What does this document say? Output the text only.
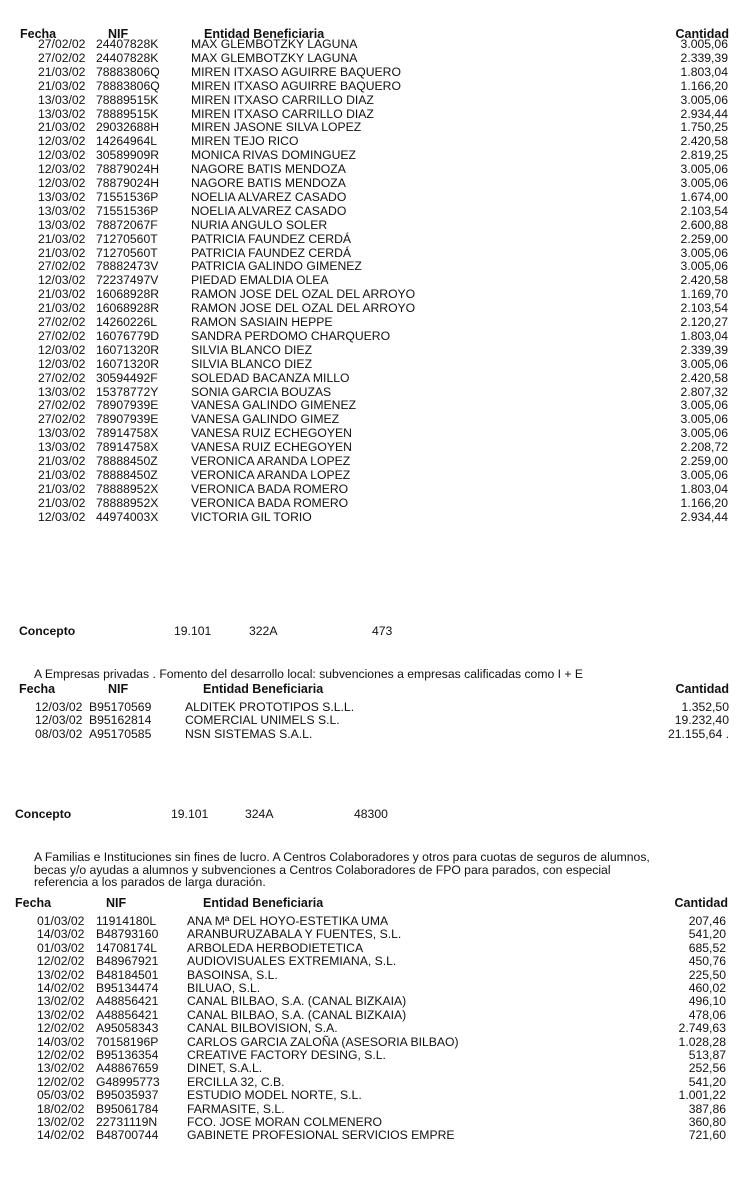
Fecha	NIF	Entidad Beneficiaria	Cantidad
27/02/02 24407828K	MAX GLEMBOTZKY LAGUNA	3.005,06
27/02/02 24407828K	MAX GLEMBOTZKY LAGUNA	2.339,39
21/03/02 78883806Q	MIREN ITXASO AGUIRRE BAQUERO	1.803,04
21/03/02 78883806Q	MIREN ITXASO AGUIRRE BAQUERO	1.166,20
13/03/02 78889515K	MIREN ITXASO CARRILLO DIAZ	3.005,06
13/03/02 78889515K	MIREN ITXASO CARRILLO DIAZ	2.934,44
21/03/02 29032688H	MIREN JASONE SILVA LOPEZ	1.750,25
12/03/02 14264964L	MIREN TEJO RICO	2.420,58
12/03/02 30589909R	MONICA RIVAS DOMINGUEZ	2.819,25
12/03/02 78879024H	NAGORE BATIS MENDOZA	3.005,06
12/03/02 78879024H	NAGORE BATIS MENDOZA	3.005,06
13/03/02 71551536P	NOELIA ALVAREZ CASADO	1.674,00
13/03/02 71551536P	NOELIA ALVAREZ CASADO	2.103,54
13/03/02 78872067F	NURIA ANGULO SOLER	2.600,88
21/03/02 71270560T	PATRICIA FAUNDEZ CERDÁ	2.259,00
21/03/02 71270560T	PATRICIA FAUNDEZ CERDÁ	3.005,06
27/02/02 78882473V	PATRICIA GALINDO GIMENEZ	3.005,06
12/03/02 72237497V	PIEDAD EMALDIA OLEA	2.420,58
21/03/02 16068928R	RAMON JOSE DEL OZAL DEL ARROYO	1.169,70
21/03/02 16068928R	RAMON JOSE DEL OZAL DEL ARROYO	2.103,54
27/02/02 14260226L	RAMON SASIAIN HEPPE	2.120,27
27/02/02 16076779D	SANDRA PERDOMO CHARQUERO	1.803,04
12/03/02 16071320R	SILVIA BLANCO DIEZ	2.339,39
12/03/02 16071320R	SILVIA BLANCO DIEZ	3.005,06
27/02/02 30594492F	SOLEDAD BACANZA MILLO	2.420,58
13/03/02 15378772Y	SONIA GARCIA BOUZAS	2.807,32
27/02/02 78907939E	VANESA GALINDO GIMENEZ	3.005,06
27/02/02 78907939E	VANESA GALINDO GIMEZ	3.005,06
13/03/02 78914758X	VANESA RUIZ ECHEGOYEN	3.005,06
13/03/02 78914758X	VANESA RUIZ ECHEGOYEN	2.208,72
21/03/02 78888450Z	VERONICA ARANDA LOPEZ	2.259,00
21/03/02 78888450Z	VERONICA ARANDA LOPEZ	3.005,06
21/03/02 78888952X	VERONICA BADA ROMERO	1.803,04
21/03/02 78888952X	VERONICA BADA ROMERO	1.166,20
12/03/02 44974003X	VICTORIA GIL TORIO	2.934,44
Concepto	19.101	322A	473
A Empresas privadas . Fomento del desarrollo local: subvenciones a empresas calificadas como I + E
Fecha	NIF	Entidad Beneficiaria	Cantidad
12/03/02 B95170569	ALDITEK PROTOTIPOS S.L.L.	1.352,50
12/03/02 B95162814	COMERCIAL UNIMELS S.L.	19.232,40
08/03/02 A95170585	NSN SISTEMAS S.A.L.	21.155,64 .
Concepto	19.101	324A	48300
A Familias e Instituciones sin fines de lucro. A Centros Colaboradores y otros para cuotas de seguros de alumnos,
becas y/o ayudas a alumnos y subvenciones a Centros Colaboradores de FPO para parados, con especial
referencia a los parados de larga duración.
Fecha	NIF	Entidad Beneficiaria	Cantidad
01/03/02 11914180L	ANA Mª DEL HOYO-ESTETIKA UMA	207,46
14/03/02 B48793160 ARANBURUZABALA Y FUENTES, S.L.	541,20
01/03/02 14708174L ARBOLEDA HERBODIETETICA	685,52
12/02/02 B48967921 AUDIOVISUALES EXTREMIANA, S.L.	450,76
13/02/02 B48184501 BASOINSA, S.L.	225,50
14/02/02 B95134474 BILUAO, S.L.	460,02
13/02/02 A48856421 CANAL BILBAO, S.A. (CANAL BIZKAIA)	496,10
13/02/02 A48856421 CANAL BILBAO, S.A. (CANAL BIZKAIA)	478,06
12/02/02 A95058343 CANAL BILBOVISION, S.A.	2.749,63
14/03/02 70158196P CARLOS GARCIA ZALOÑA (ASESORIA BILBAO)	1.028,28
12/02/02 B95136354 CREATIVE FACTORY DESING, S.L.	513,87
13/02/02 A48867659 DINET, S.A.L.	252,56
12/02/02 G48995773 ERCILLA 32, C.B.	541,20
05/03/02 B95035937 ESTUDIO MODEL NORTE, S.L.	1.001,22
18/02/02 B95061784 FARMASITE, S.L.	387,86
13/02/02 22731119N FCO. JOSE MORAN COLMENERO	360,80
14/02/02 B48700744 GABINETE PROFESIONAL SERVICIOS EMPRE	721,60
